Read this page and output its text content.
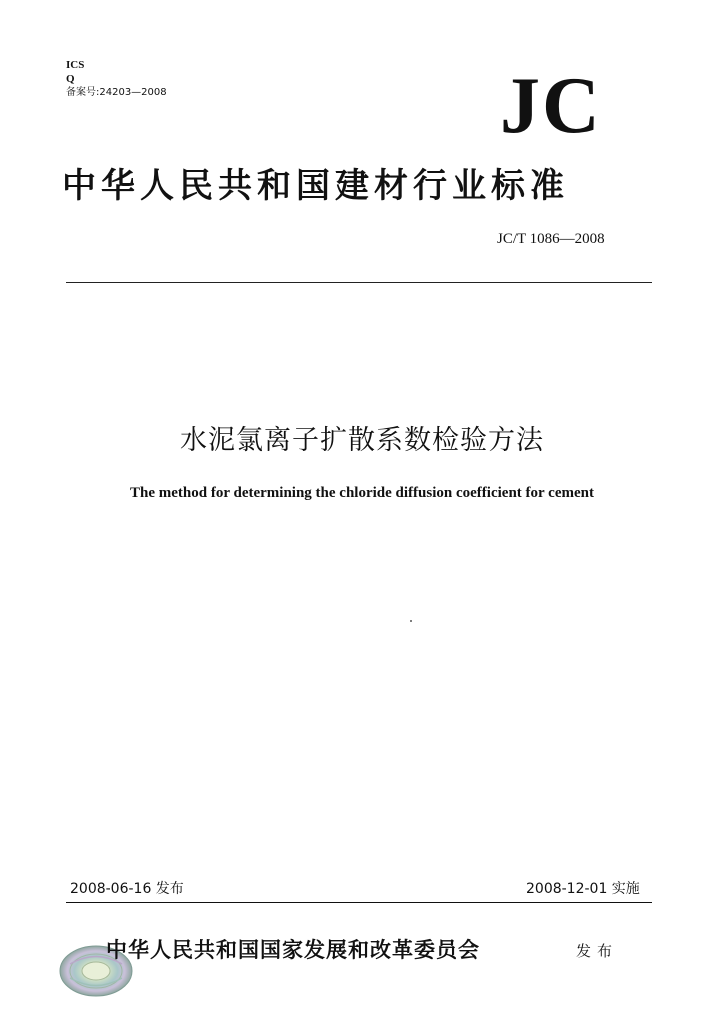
ICS
Q
备案号:24203—2008	JC
中华人民共和国建材行业标准
JC/T 1086—2008
水泥氯离子扩散系数检验方法
The method for determining the chloride diffusion coefficient for cement
2008-06-16 发布	2008-12-01 实施
中华人民共和国国家发展和改革委员会	发布
